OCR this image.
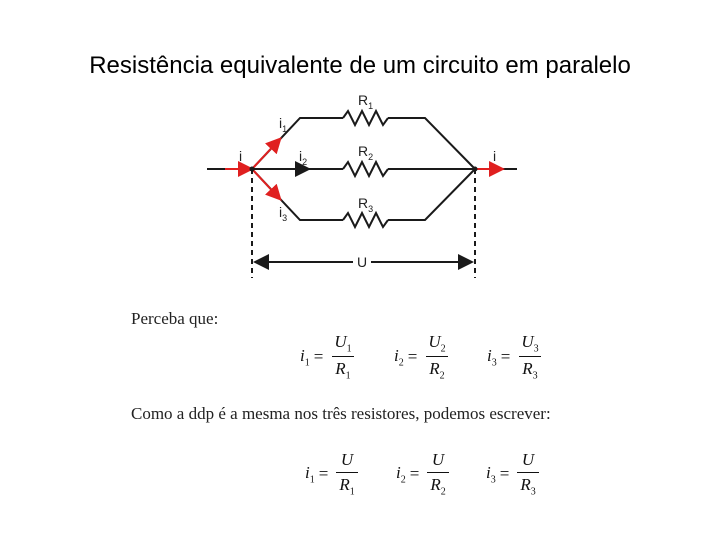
Resistência equivalente de um circuito em paralelo
$R_1$
$R_2$
$R_3$
i	i
$i_1$
$i_2$
$i_3$
U
Perceba que:
$i_1 = \frac{U_1}{R_1} i_2 = \frac{U_2}{R_2} i_3 = \frac{U_3}{R_3}$
Como a ddp é a mesma nos três resistores, podemos escrever:
$i_1 = \frac{U}{R_1} i_2 = \frac{U}{R_2} i_3 = \frac{U}{R_3}$
